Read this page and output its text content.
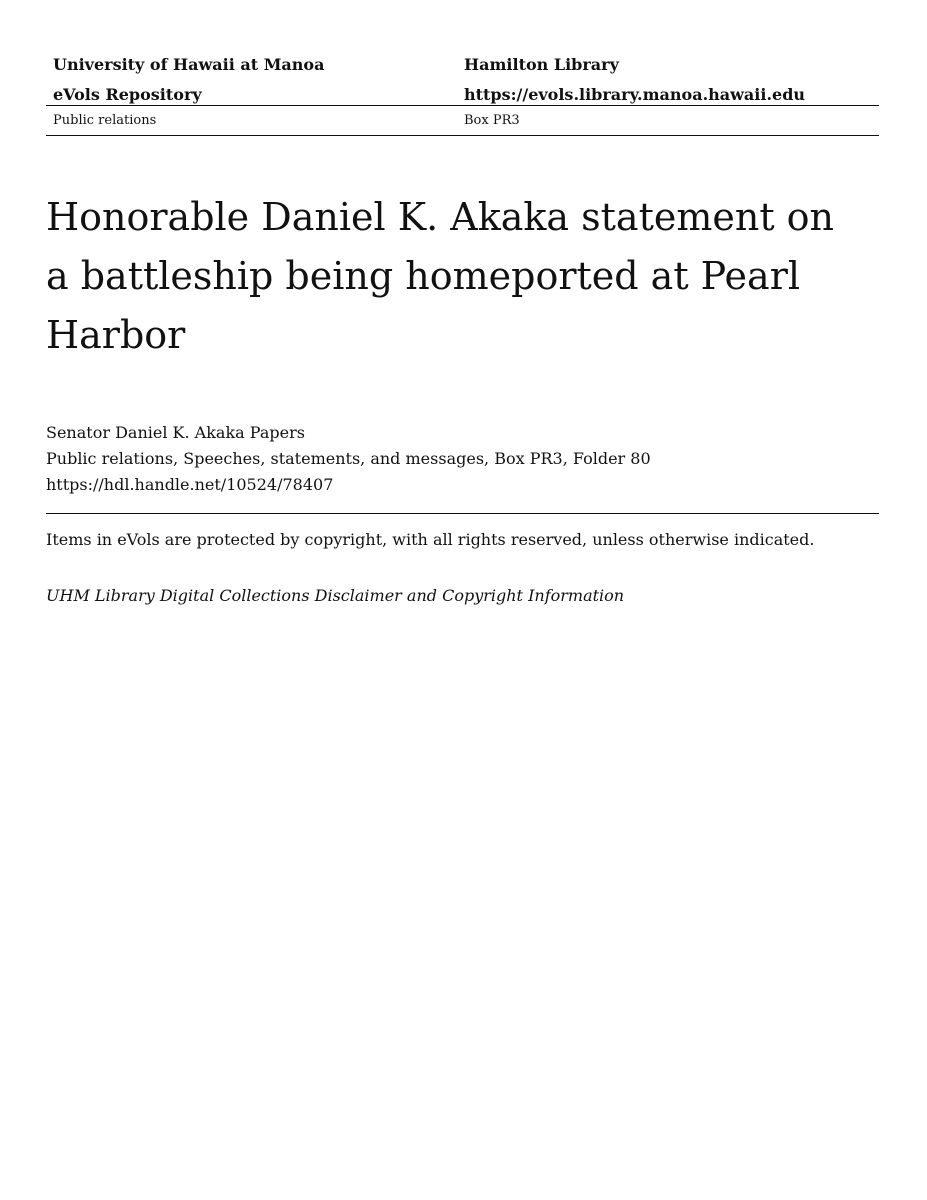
University of Hawaii at Manoa	Hamilton Library
eVols Repository	https://evols.library.manoa.hawaii.edu
Public relations	Box PR3
Honorable Daniel K. Akaka statement on a battleship being homeported at Pearl Harbor
Senator Daniel K. Akaka Papers
Public relations, Speeches, statements, and messages, Box PR3, Folder 80
https://hdl.handle.net/10524/78407
Items in eVols are protected by copyright, with all rights reserved, unless otherwise indicated.
UHM Library Digital Collections Disclaimer and Copyright Information
